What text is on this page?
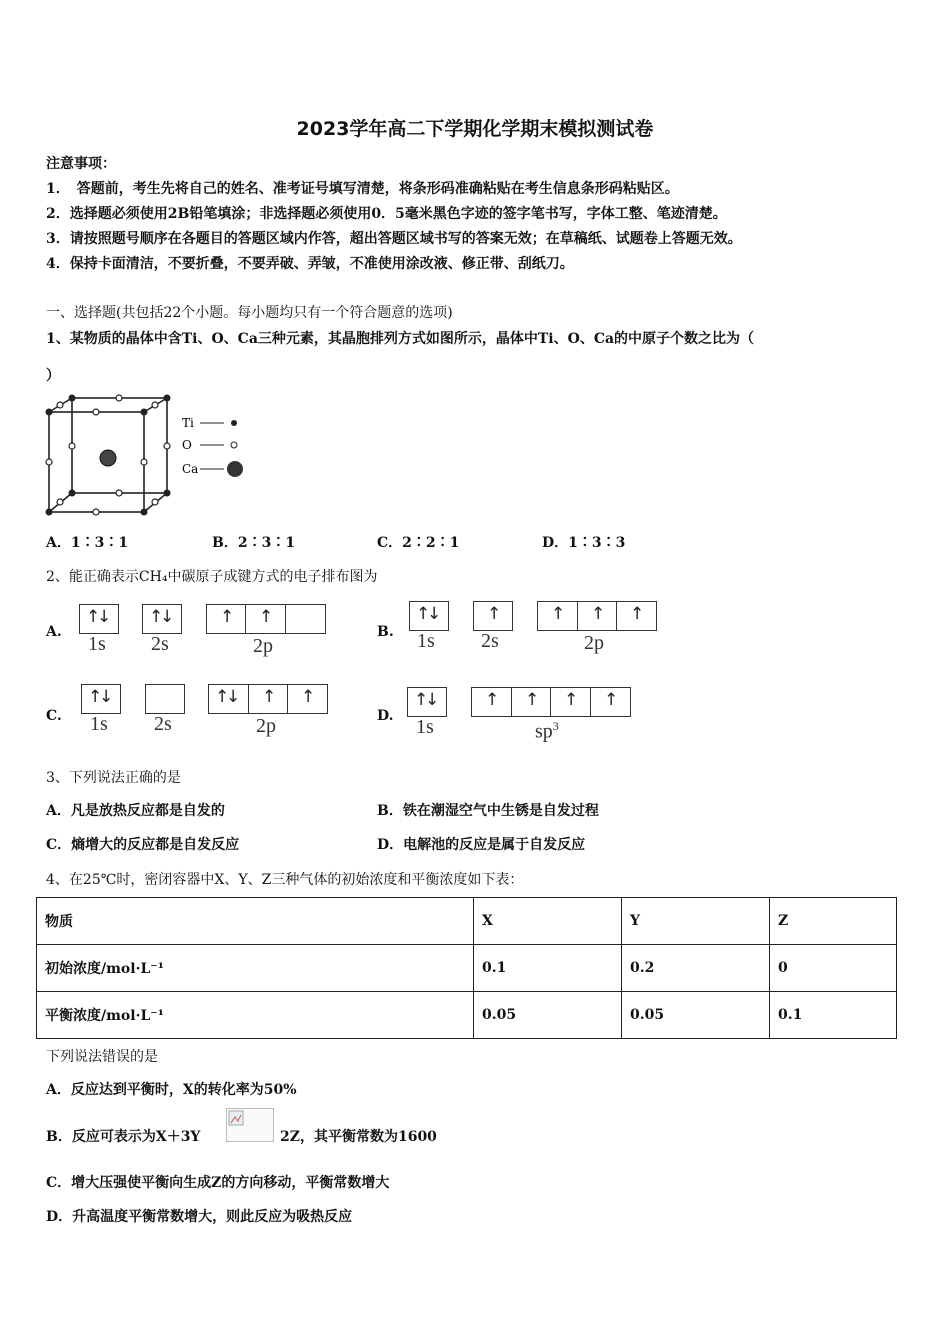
2023学年高二下学期化学期末模拟测试卷
注意事项：
1．　答题前，考生先将自己的姓名、准考证号填写清楚，将条形码准确粘贴在考生信息条形码粘贴区。
2．选择题必须使用2B铅笔填涂；非选择题必须使用0．5毫米黑色字迹的签字笔书写，字体工整、笔迹清楚。
3．请按照题号顺序在各题目的答题区域内作答，超出答题区域书写的答案无效；在草稿纸、试题卷上答题无效。
4．保持卡面清洁，不要折叠，不要弄破、弄皱，不准使用涂改液、修正带、刮纸刀。
一、选择题(共包括22个小题。每小题均只有一个符合题意的选项)
1、某物质的晶体中含Ti、O、Ca三种元素，其晶胞排列方式如图所示，晶体中Ti、O、Ca的中原子个数之比为（
）
Ti
O
Ca
A．1∶3∶1	B．2∶3∶1	C．2∶2∶1	D．1∶3∶3
2、能正确表示CH₄中碳原子成键方式的电子排布图为
A.
↑
↓ ↑
↓	↑ ↑
1s 2s	2p
B.
↑
↓	↑	↑ ↑ ↑
1s 2s	2p
C.
↑
↓	↑
↓ ↑ ↑
1s 2s	2p	D.
↑
↓	↑ ↑ ↑ ↑
1s	$sp^3$
3、下列说法正确的是
A．凡是放热反应都是自发的	B．铁在潮湿空气中生锈是自发过程
C．熵增大的反应都是自发反应	D．电解池的反应是属于自发反应
4、在25℃时，密闭容器中X、Y、Z三种气体的初始浓度和平衡浓度如下表：
物质	X	Y	Z
初始浓度/mol·L⁻¹	0.1	0.2	0
平衡浓度/mol·L⁻¹	0.05	0.05	0.1
下列说法错误的是
A．反应达到平衡时，X的转化率为50%
B．反应可表示为X＋3Y	2Z，其平衡常数为1600
C．增大压强使平衡向生成Z的方向移动，平衡常数增大
D．升高温度平衡常数增大，则此反应为吸热反应
